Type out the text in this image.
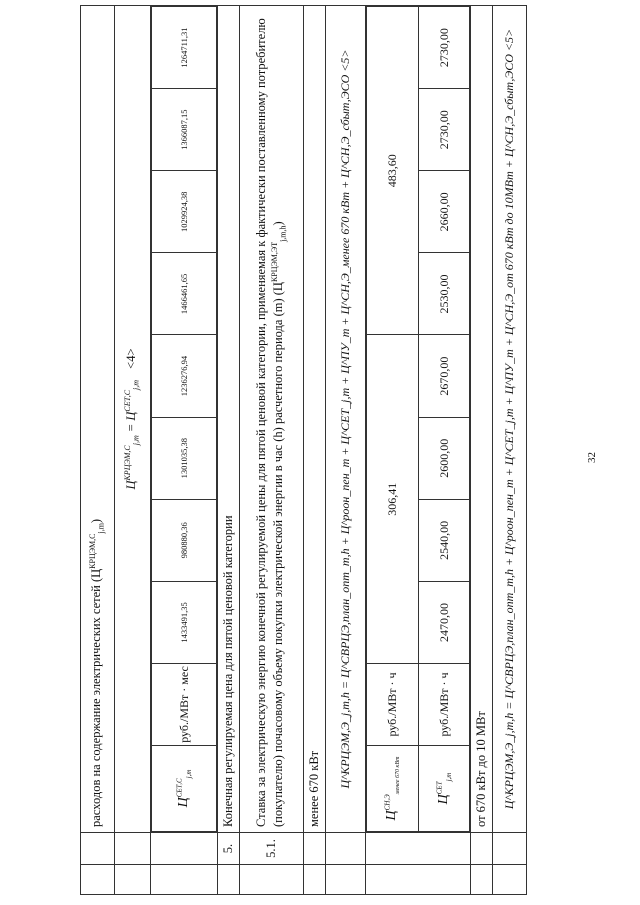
32
		расходов на содержание электрических сетей $(Ц^{КРЦЭМ,С}_{j,m})$
		$Ц^{КРЦЭМ,С}_{j,m} = Ц^{СЕТ,С}_{j,m} <4>$

$Ц^{СЕТ,С}_{j,m}$	руб./МВт · мес	1433491,35	980880,36	1301035,38	1236276,94	1466461,65	1029924,38	1366087,15	1264711,31

	5.	Конечная регулируемая цена для пятой ценовой категории
	5.1.	Ставка за электрическую энергию конечной регулируемой цены для пятой ценовой категории, применяемая к фактически поставленному потребителю (покупателю) почасовому объему покупки электрической энергии в час (h) расчетного периода (m) $(Ц^{КРЦЭМ,ЭТ}_{j,m,h})$
		менее 670 кВт
		Ц^КРЦЭМ,Э_j,m,h = Ц^СВРЦЭ,план_опт_m,h + Ц^роон_пен_m + Ц^СЕТ_j,m + Ц^ПУ_m + Ц^СН,Э_менее 670 кВт + Ц^СН,Э_сбыт,ЭСО <5>

$Ц^{СН,Э}_{менее 670 кВт}$	руб./МВт · ч	306,41	483,60
$Ц^{СЕТ}_{j,m}$	руб./МВт · ч	2470,00	2540,00	2600,00	2670,00	2530,00	2660,00	2730,00	2730,00

		от 670 кВт до 10 МВт
		Ц^КРЦЭМ,Э_j,m,h = Ц^СВРЦЭ,план_опт_m,h + Ц^роон_пен_m + Ц^СЕТ_j,m + Ц^ПУ_m + Ц^СН,Э_от 670 кВт до 10МВт + Ц^СН,Э_сбыт,ЭСО <5>
